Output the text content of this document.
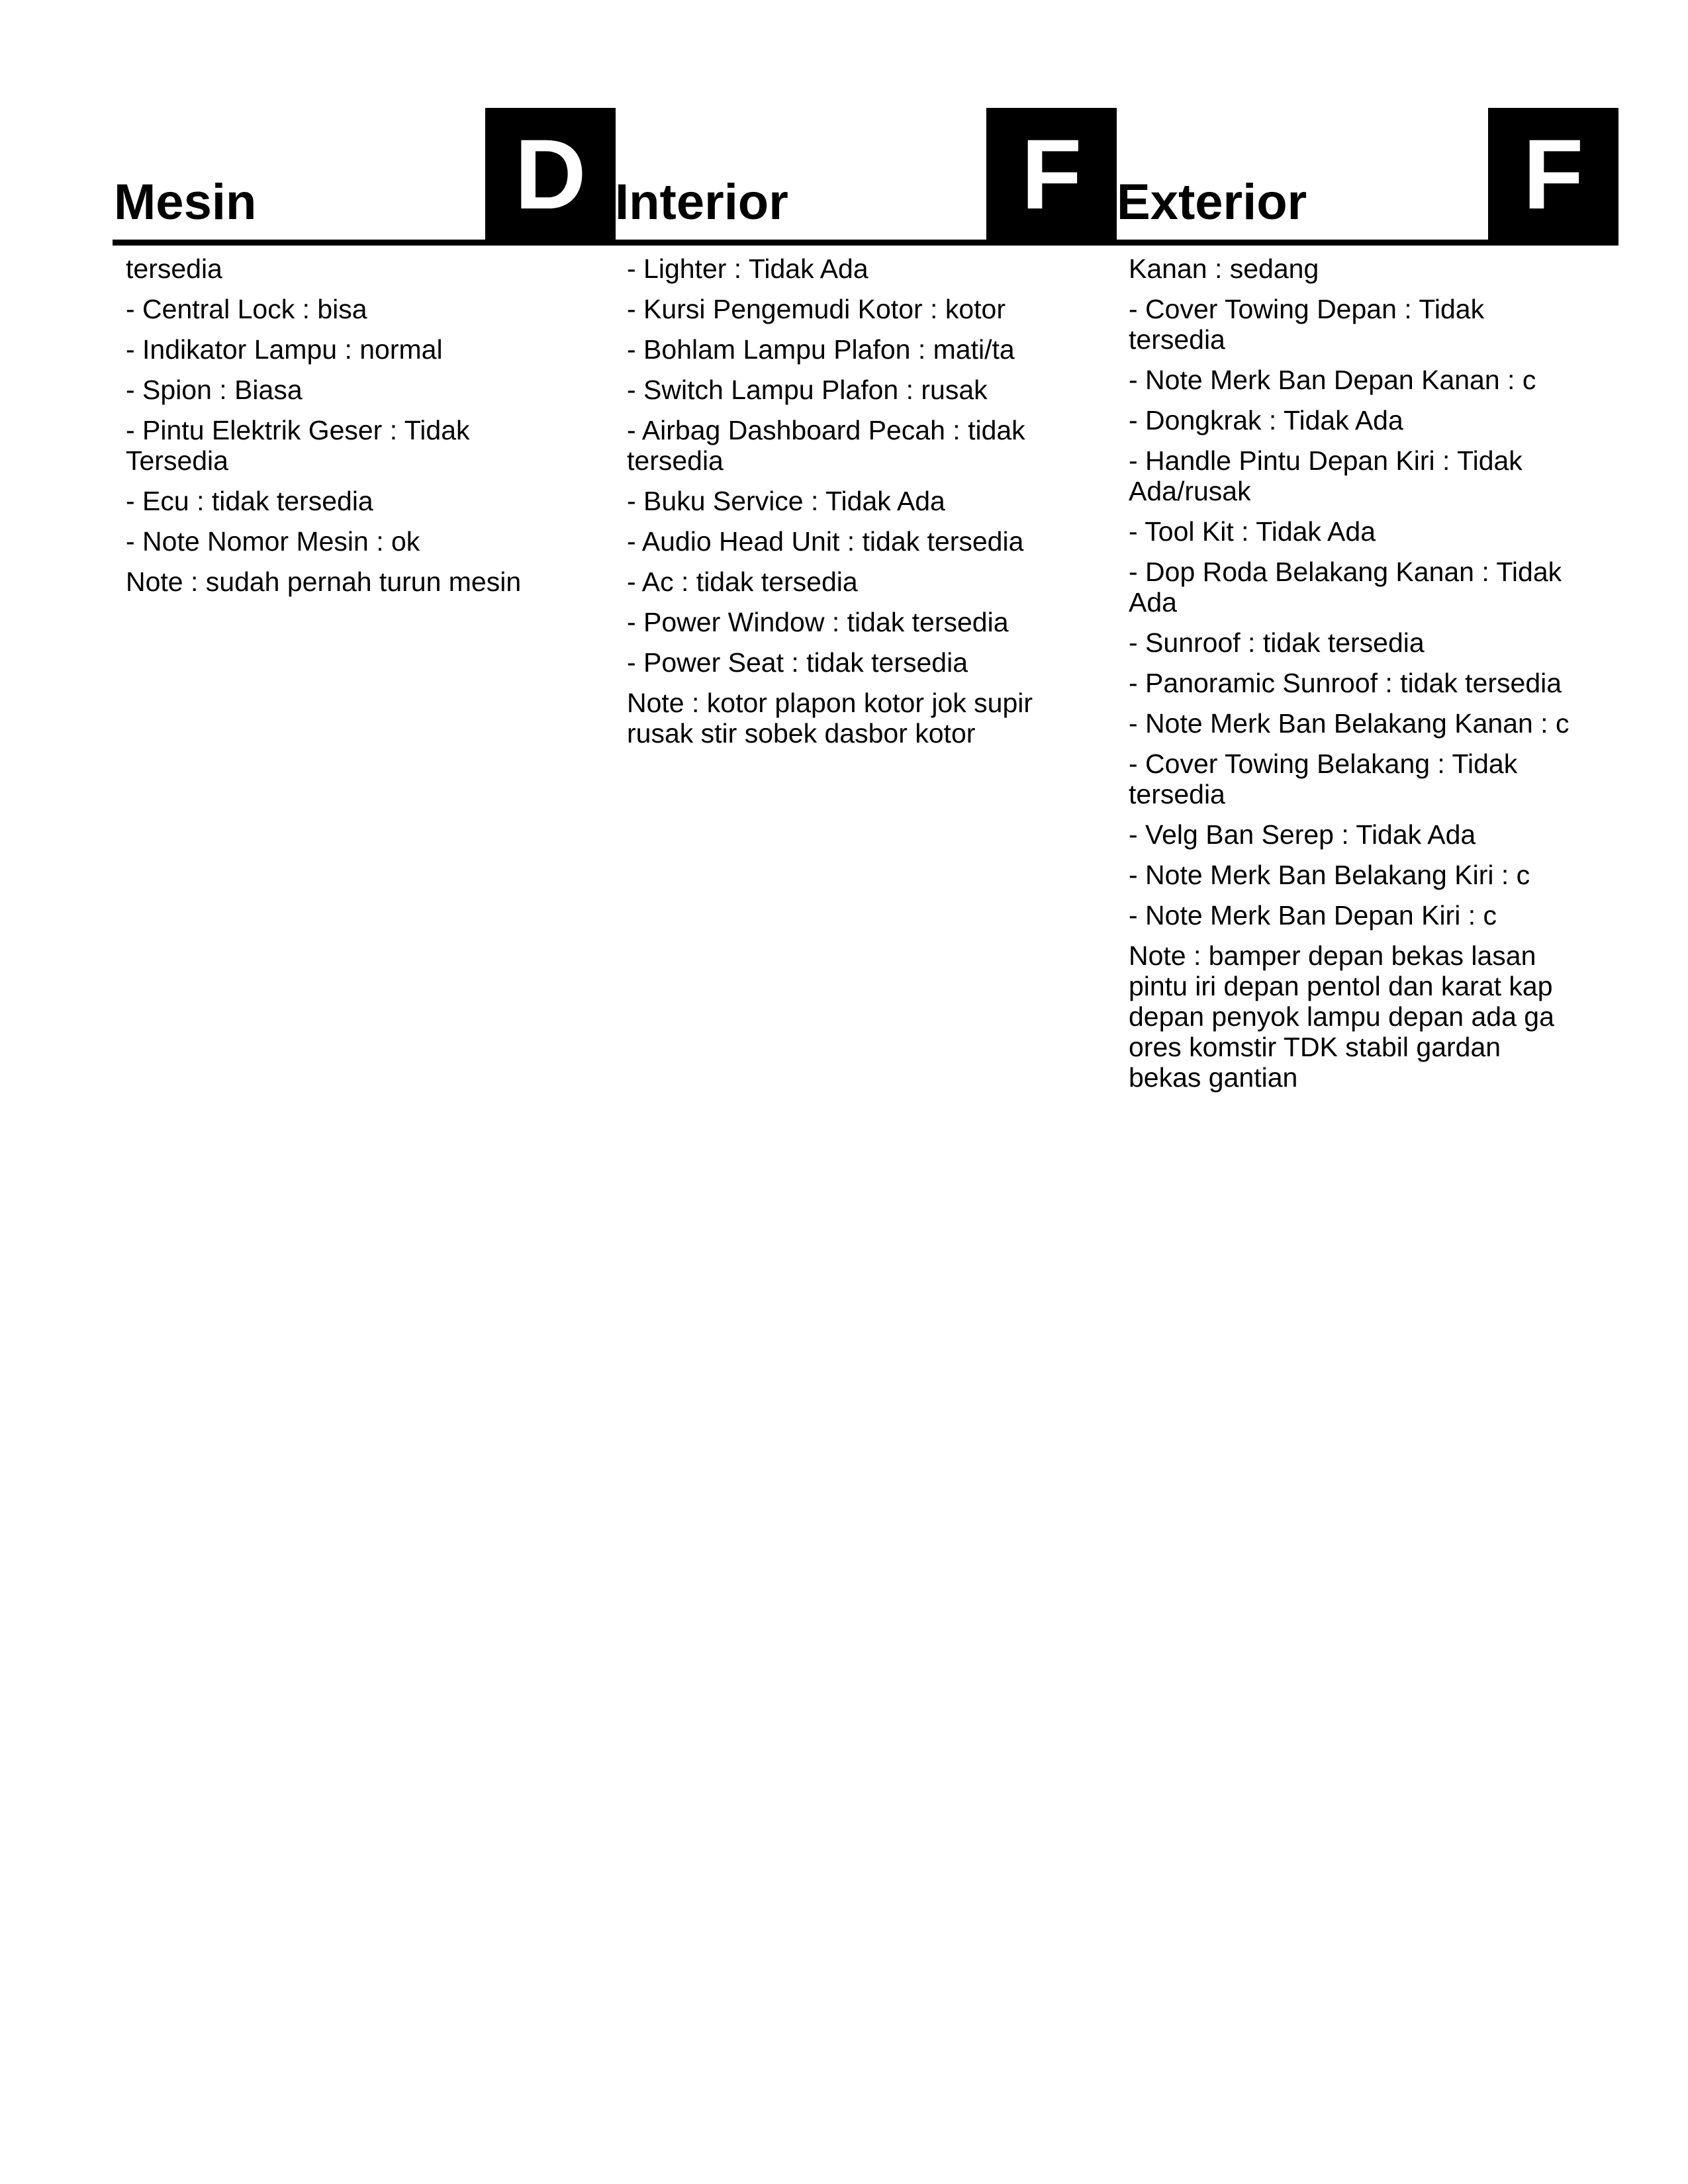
Mesin	D
tersedia
- Central Lock : bisa
- Indikator Lampu : normal
- Spion : Biasa
- Pintu Elektrik Geser : Tidak Tersedia
- Ecu : tidak tersedia
- Note Nomor Mesin : ok
Note : sudah pernah turun mesin
Interior	F
- Lighter : Tidak Ada
- Kursi Pengemudi Kotor : kotor
- Bohlam Lampu Plafon : mati/ta
- Switch Lampu Plafon : rusak
- Airbag Dashboard Pecah : tidak tersedia
- Buku Service : Tidak Ada
- Audio Head Unit : tidak tersedia
- Ac : tidak tersedia
- Power Window : tidak tersedia
- Power Seat : tidak tersedia
Note : kotor plapon kotor jok supir rusak stir sobek dasbor kotor
Exterior	F
Kanan : sedang
- Cover Towing Depan : Tidak tersedia
- Note Merk Ban Depan Kanan : c
- Dongkrak : Tidak Ada
- Handle Pintu Depan Kiri : Tidak Ada/rusak
- Tool Kit : Tidak Ada
- Dop Roda Belakang Kanan : Tidak Ada
- Sunroof : tidak tersedia
- Panoramic Sunroof : tidak tersedia
- Note Merk Ban Belakang Kanan : c
- Cover Towing Belakang : Tidak tersedia
- Velg Ban Serep : Tidak Ada
- Note Merk Ban Belakang Kiri : c
- Note Merk Ban Depan Kiri : c
Note : bamper depan bekas lasan pintu iri depan pentol dan karat kap depan penyok lampu depan ada ga ores komstir TDK stabil gardan bekas gantian
